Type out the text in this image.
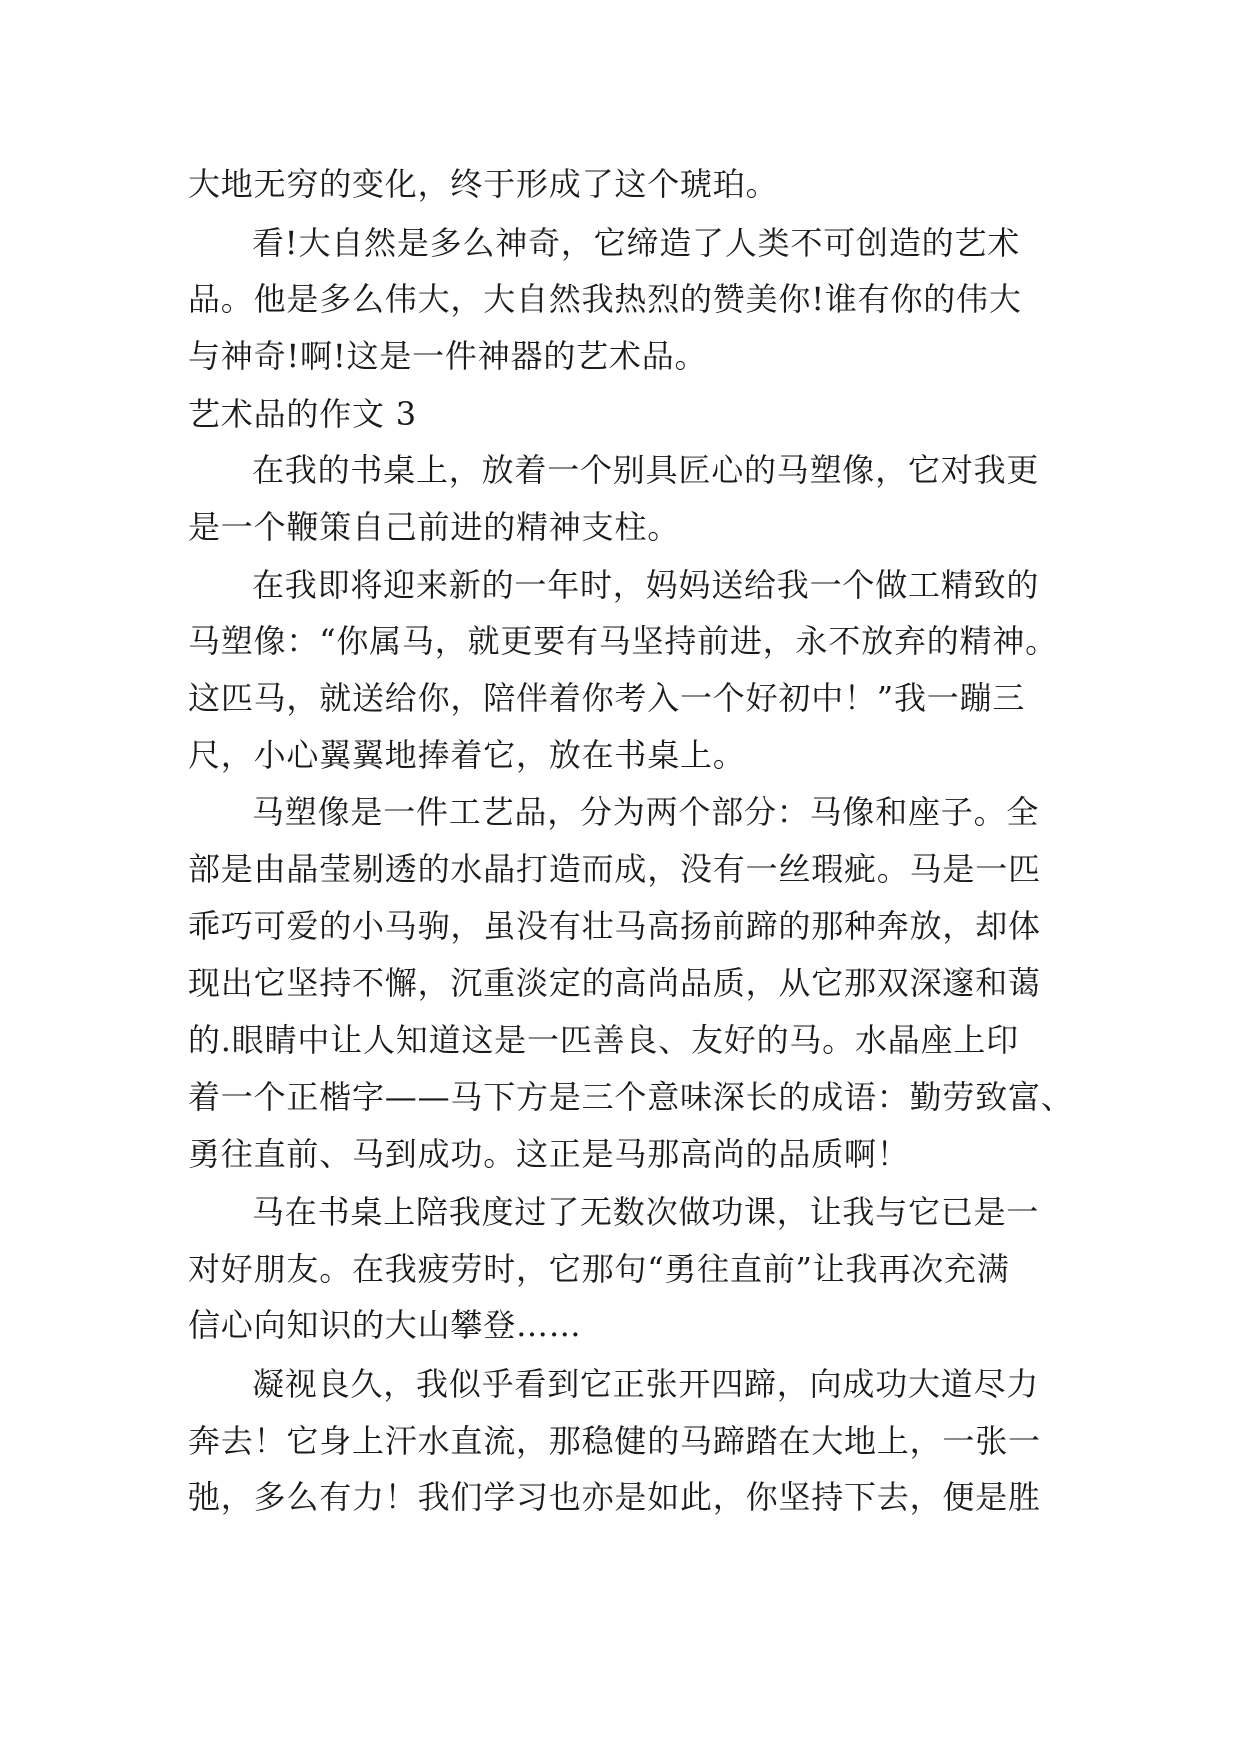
大地无穷的变化，终于形成了这个琥珀。
看!大自然是多么神奇，它缔造了人类不可创造的艺术
品。他是多么伟大，大自然我热烈的赞美你!谁有你的伟大
与神奇!啊!这是一件神器的艺术品。
艺术品的作文 3
在我的书桌上，放着一个别具匠心的马塑像，它对我更
是一个鞭策自己前进的精神支柱。
在我即将迎来新的一年时，妈妈送给我一个做工精致的
马塑像：“你属马，就更要有马坚持前进，永不放弃的精神。
这匹马，就送给你，陪伴着你考入一个好初中！”我一蹦三
尺，小心翼翼地捧着它，放在书桌上。
马塑像是一件工艺品，分为两个部分：马像和座子。全
部是由晶莹剔透的水晶打造而成，没有一丝瑕疵。马是一匹
乖巧可爱的小马驹，虽没有壮马高扬前蹄的那种奔放，却体
现出它坚持不懈，沉重淡定的高尚品质，从它那双深邃和蔼
的.眼睛中让人知道这是一匹善良、友好的马。水晶座上印
着一个正楷字——马下方是三个意味深长的成语：勤劳致富、
勇往直前、马到成功。这正是马那高尚的品质啊！
马在书桌上陪我度过了无数次做功课，让我与它已是一
对好朋友。在我疲劳时，它那句“勇往直前”让我再次充满
信心向知识的大山攀登……
凝视良久，我似乎看到它正张开四蹄，向成功大道尽力
奔去！它身上汗水直流，那稳健的马蹄踏在大地上，一张一
弛，多么有力！我们学习也亦是如此，你坚持下去，便是胜
